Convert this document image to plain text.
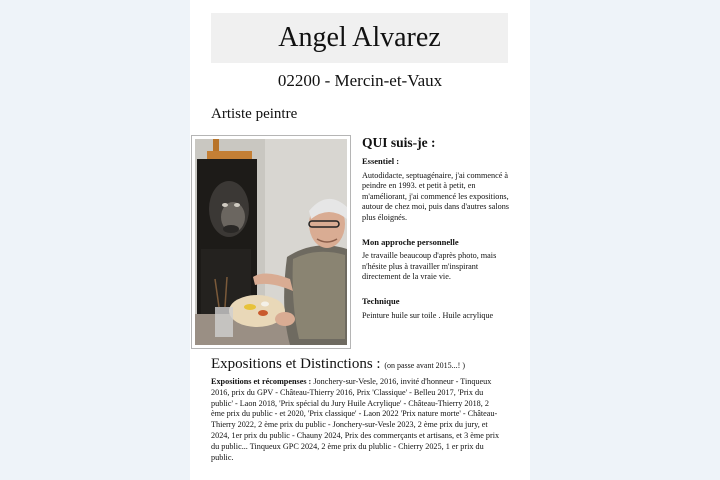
Angel Alvarez
02200 - Mercin-et-Vaux
Artiste peintre
QUI suis-je :
Essentiel :

Autodidacte, septuagénaire, j'ai commencé à peindre en 1993. et petit à petit, en m'améliorant, j'ai commencé les expositions, autour de chez moi, puis dans d'autres salons plus éloignés.

Mon approche personnelle

Je travaille beaucoup d'après photo, mais n'hésite plus à travailler m'inspirant directement de la vraie vie.

Technique

Peinture huile sur toile . Huile acrylique

Expositions et Distinctions : (on passe avant 2015...! )
Expositions et récompenses : Jonchery-sur-Vesle, 2016, invité d'honneur - Tinqueux 2016, prix du GPV - Château-Thierry 2016, Prix 'Classique' - Belleu 2017, 'Prix du public' - Laon 2018, 'Prix spécial du Jury Huile Acrylique' - Château-Thierry 2018, 2 ème prix du public - et 2020, 'Prix classique' - Laon 2022 'Prix nature morte' - Château-Thierry 2022, 2 ème prix du public - Jonchery-sur-Vesle 2023, 2 ème prix du jury, et 2024, 1er prix du public - Chauny 2024, Prix des commerçants et artisans, et 3 ème prix du public... Tinqueux GPC 2024, 2 ème prix du plublic - Chierry 2025, 1 er prix du public.
